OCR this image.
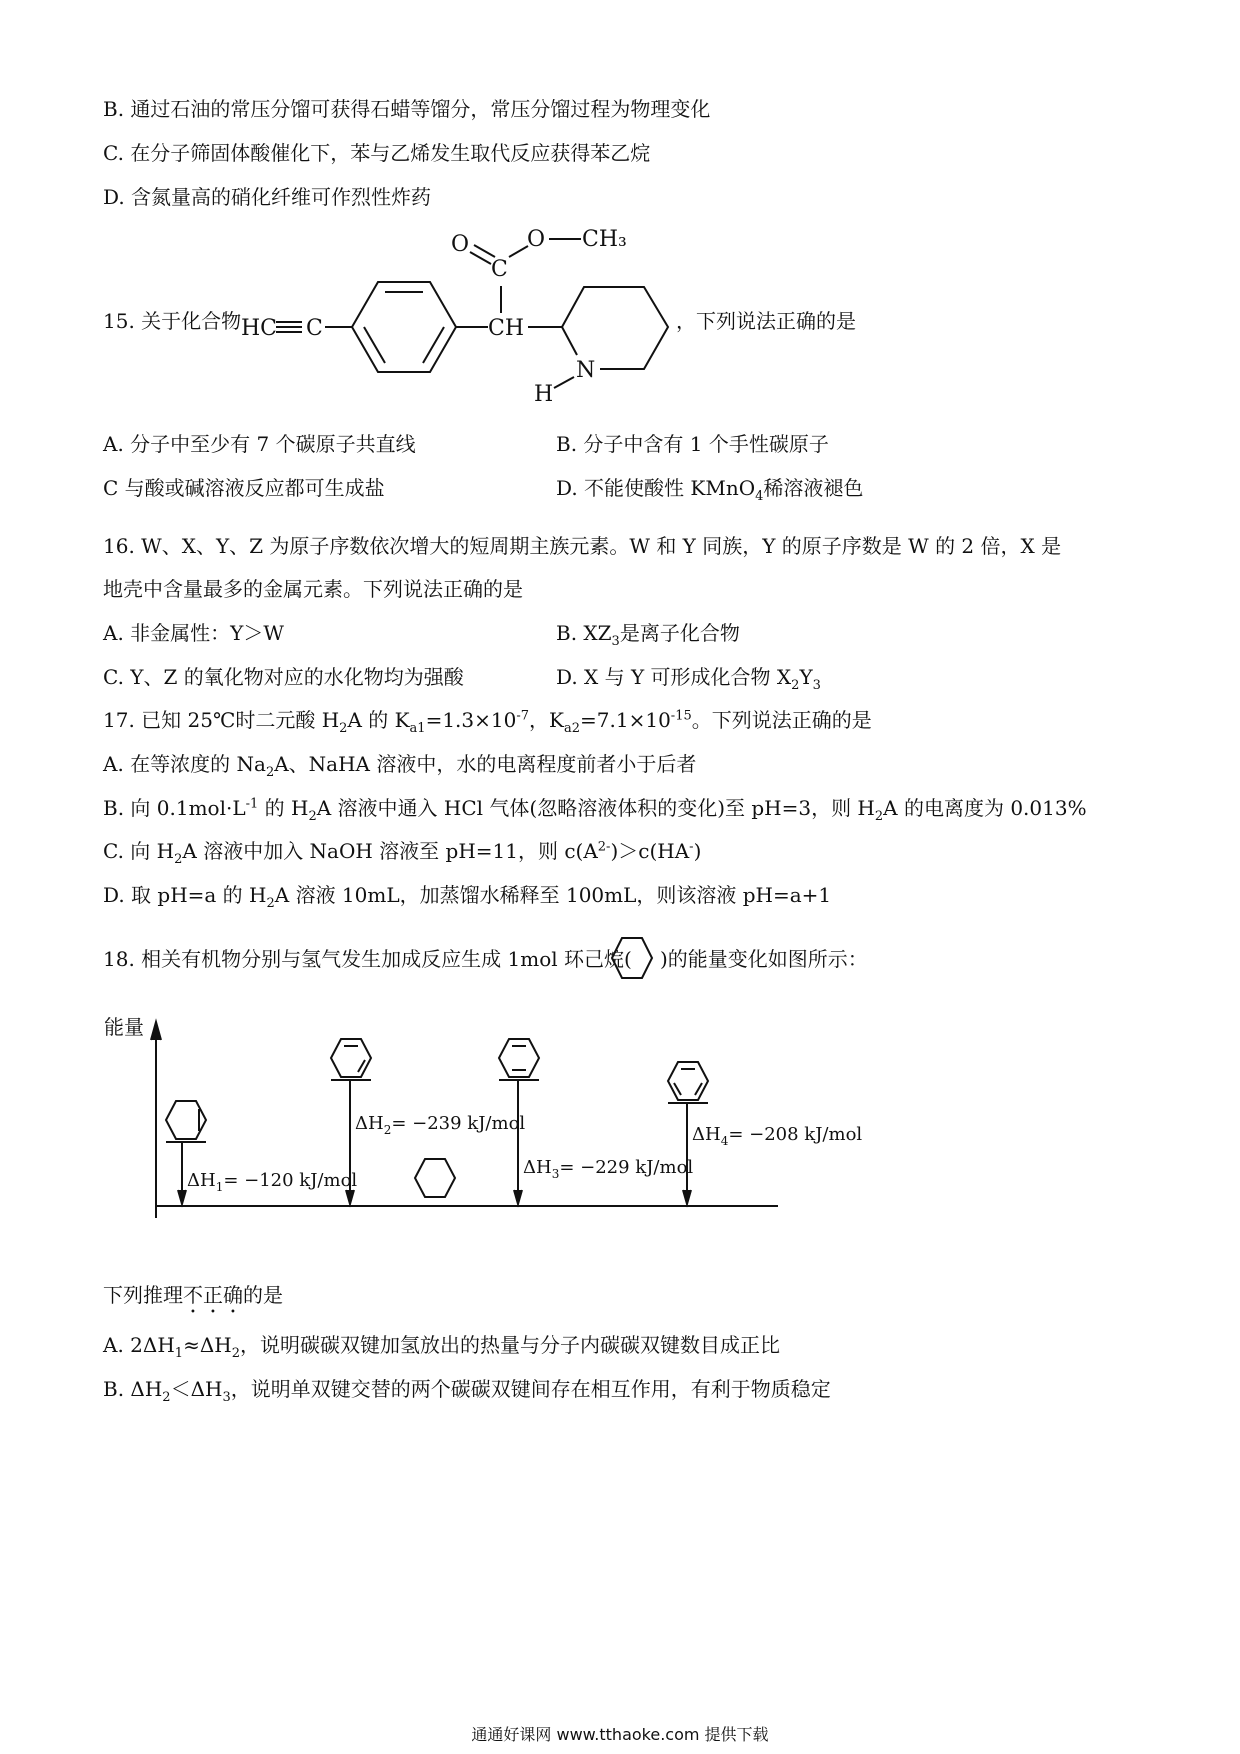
B. 通过石油的常压分馏可获得石蜡等馏分，常压分馏过程为物理变化
C. 在分子筛固体酸催化下，苯与乙烯发生取代反应获得苯乙烷
D. 含氮量高的硝化纤维可作烈性炸药
15. 关于化合物
O
C
O CH₃
HC C	CH
N
H
，下列说法正确的是
A. 分子中至少有 7 个碳原子共直线	B. 分子中含有 1 个手性碳原子
C 与酸或碱溶液反应都可生成盐	D. 不能使酸性 KMnO$_4$稀溶液褪色
16. W、X、Y、Z 为原子序数依次增大的短周期主族元素。W 和 Y 同族，Y 的原子序数是 W 的 2 倍，X 是
地壳中含量最多的金属元素。下列说法正确的是
A. 非金属性：Y＞W	B. $XZ_3$是离子化合物
C. Y、Z 的氧化物对应的水化物均为强酸	D. X 与 Y 可形成化合物 $X_2Y_3$
17. 已知 25℃时二元酸 $H_2A$ 的 $K_{a1}=1.3\times 10^{-7}$，$K_{a2}=7.1\times 10^{-15}$。下列说法正确的是
A. 在等浓度的 $Na_2A$、NaHA 溶液中，水的电离程度前者小于后者
B. 向 $0.1mol\cdot L^{-1}$ 的 $H_2A$ 溶液中通入 HCl 气体(忽略溶液体积的变化)至 pH=3，则 $H_2A$ 的电离度为 0.013%
C. 向 $H_2A$ 溶液中加入 NaOH 溶液至 pH=11，则 $c(A^{2-})>c(HA^-)$
D. 取 pH=a 的 $H_2A$ 溶液 10mL，加蒸馏水稀释至 100mL，则该溶液 pH=a+1
18. 相关有机物分别与氢气发生加成反应生成 1mol 环己烷( )的能量变化如图所示：
能量
$\Delta H_1= -120$ kJ/mol
$\Delta H_2= -239$ kJ/mol
$\Delta H_3= -229$ kJ/mol
$\Delta H_4= -208$ kJ/mol
下列推理不正确的是
A. $2\Delta H_1\approx\Delta H_2$，说明碳碳双键加氢放出的热量与分子内碳碳双键数目成正比
B. $\Delta H_2<\Delta H_3$，说明单双键交替的两个碳碳双键间存在相互作用，有利于物质稳定
通通好课网 www.tthaoke.com 提供下载
